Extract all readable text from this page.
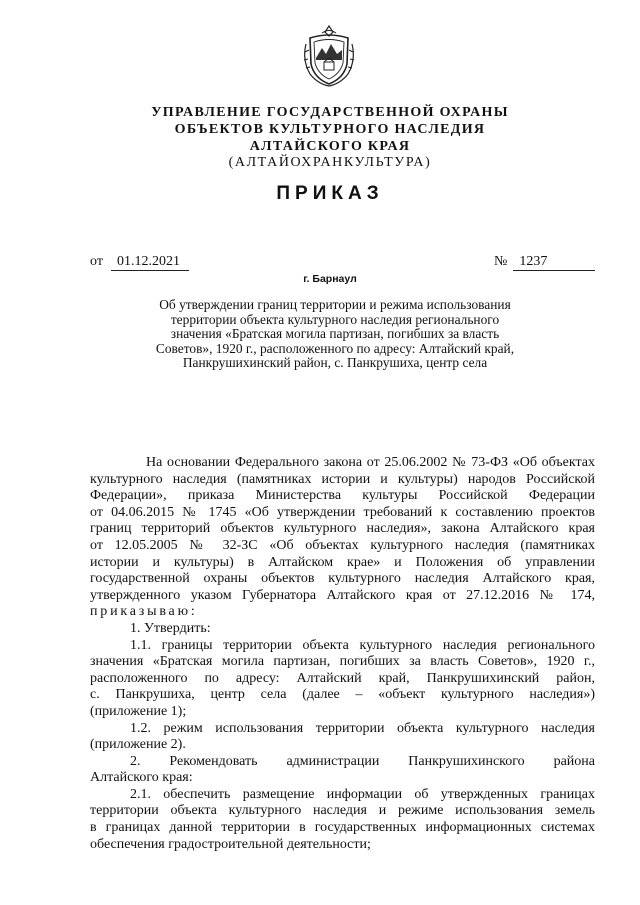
УПРАВЛЕНИЕ ГОСУДАРСТВЕННОЙ ОХРАНЫ
ОБЪЕКТОВ КУЛЬТУРНОГО НАСЛЕДИЯ
АЛТАЙСКОГО КРАЯ
(АЛТАЙОХРАНКУЛЬТУРА)
ПРИКАЗ
от 01.12.2021	№ 1237
г. Барнаул
Об утверждении границ территории и режима использования
территории объекта культурного наследия регионального
значения «Братская могила партизан, погибших за власть
Советов», 1920 г., расположенного по адресу: Алтайский край,
Панкрушихинский район, с. Панкрушиха, центр села
На основании Федерального закона от 25.06.2002 № 73-ФЗ «Об объектах
культурного наследия (памятниках истории и культуры) народов Российской
Федерации», приказа Министерства культуры Российской Федерации
от 04.06.2015 № 1745 «Об утверждении требований к составлению проектов
границ территорий объектов культурного наследия», закона Алтайского края
от 12.05.2005 № 32-ЗС «Об объектах культурного наследия (памятниках
истории и культуры) в Алтайском крае» и Положения об управлении
государственной охраны объектов культурного наследия Алтайского края,
утвержденного указом Губернатора Алтайского края от 27.12.2016 № 174,
приказываю:
1. Утвердить:
1.1. границы территории объекта культурного наследия регионального
значения «Братская могила партизан, погибших за власть Советов», 1920 г.,
расположенного по адресу: Алтайский край, Панкрушихинский район,
с. Панкрушиха, центр села (далее – «объект культурного наследия»)
(приложение 1);
1.2. режим использования территории объекта культурного наследия
(приложение 2).
2. Рекомендовать администрации Панкрушихинского района
Алтайского края:
2.1. обеспечить размещение информации об утвержденных границах
территории объекта культурного наследия и режиме использования земель
в границах данной территории в государственных информационных системах
обеспечения градостроительной деятельности;
